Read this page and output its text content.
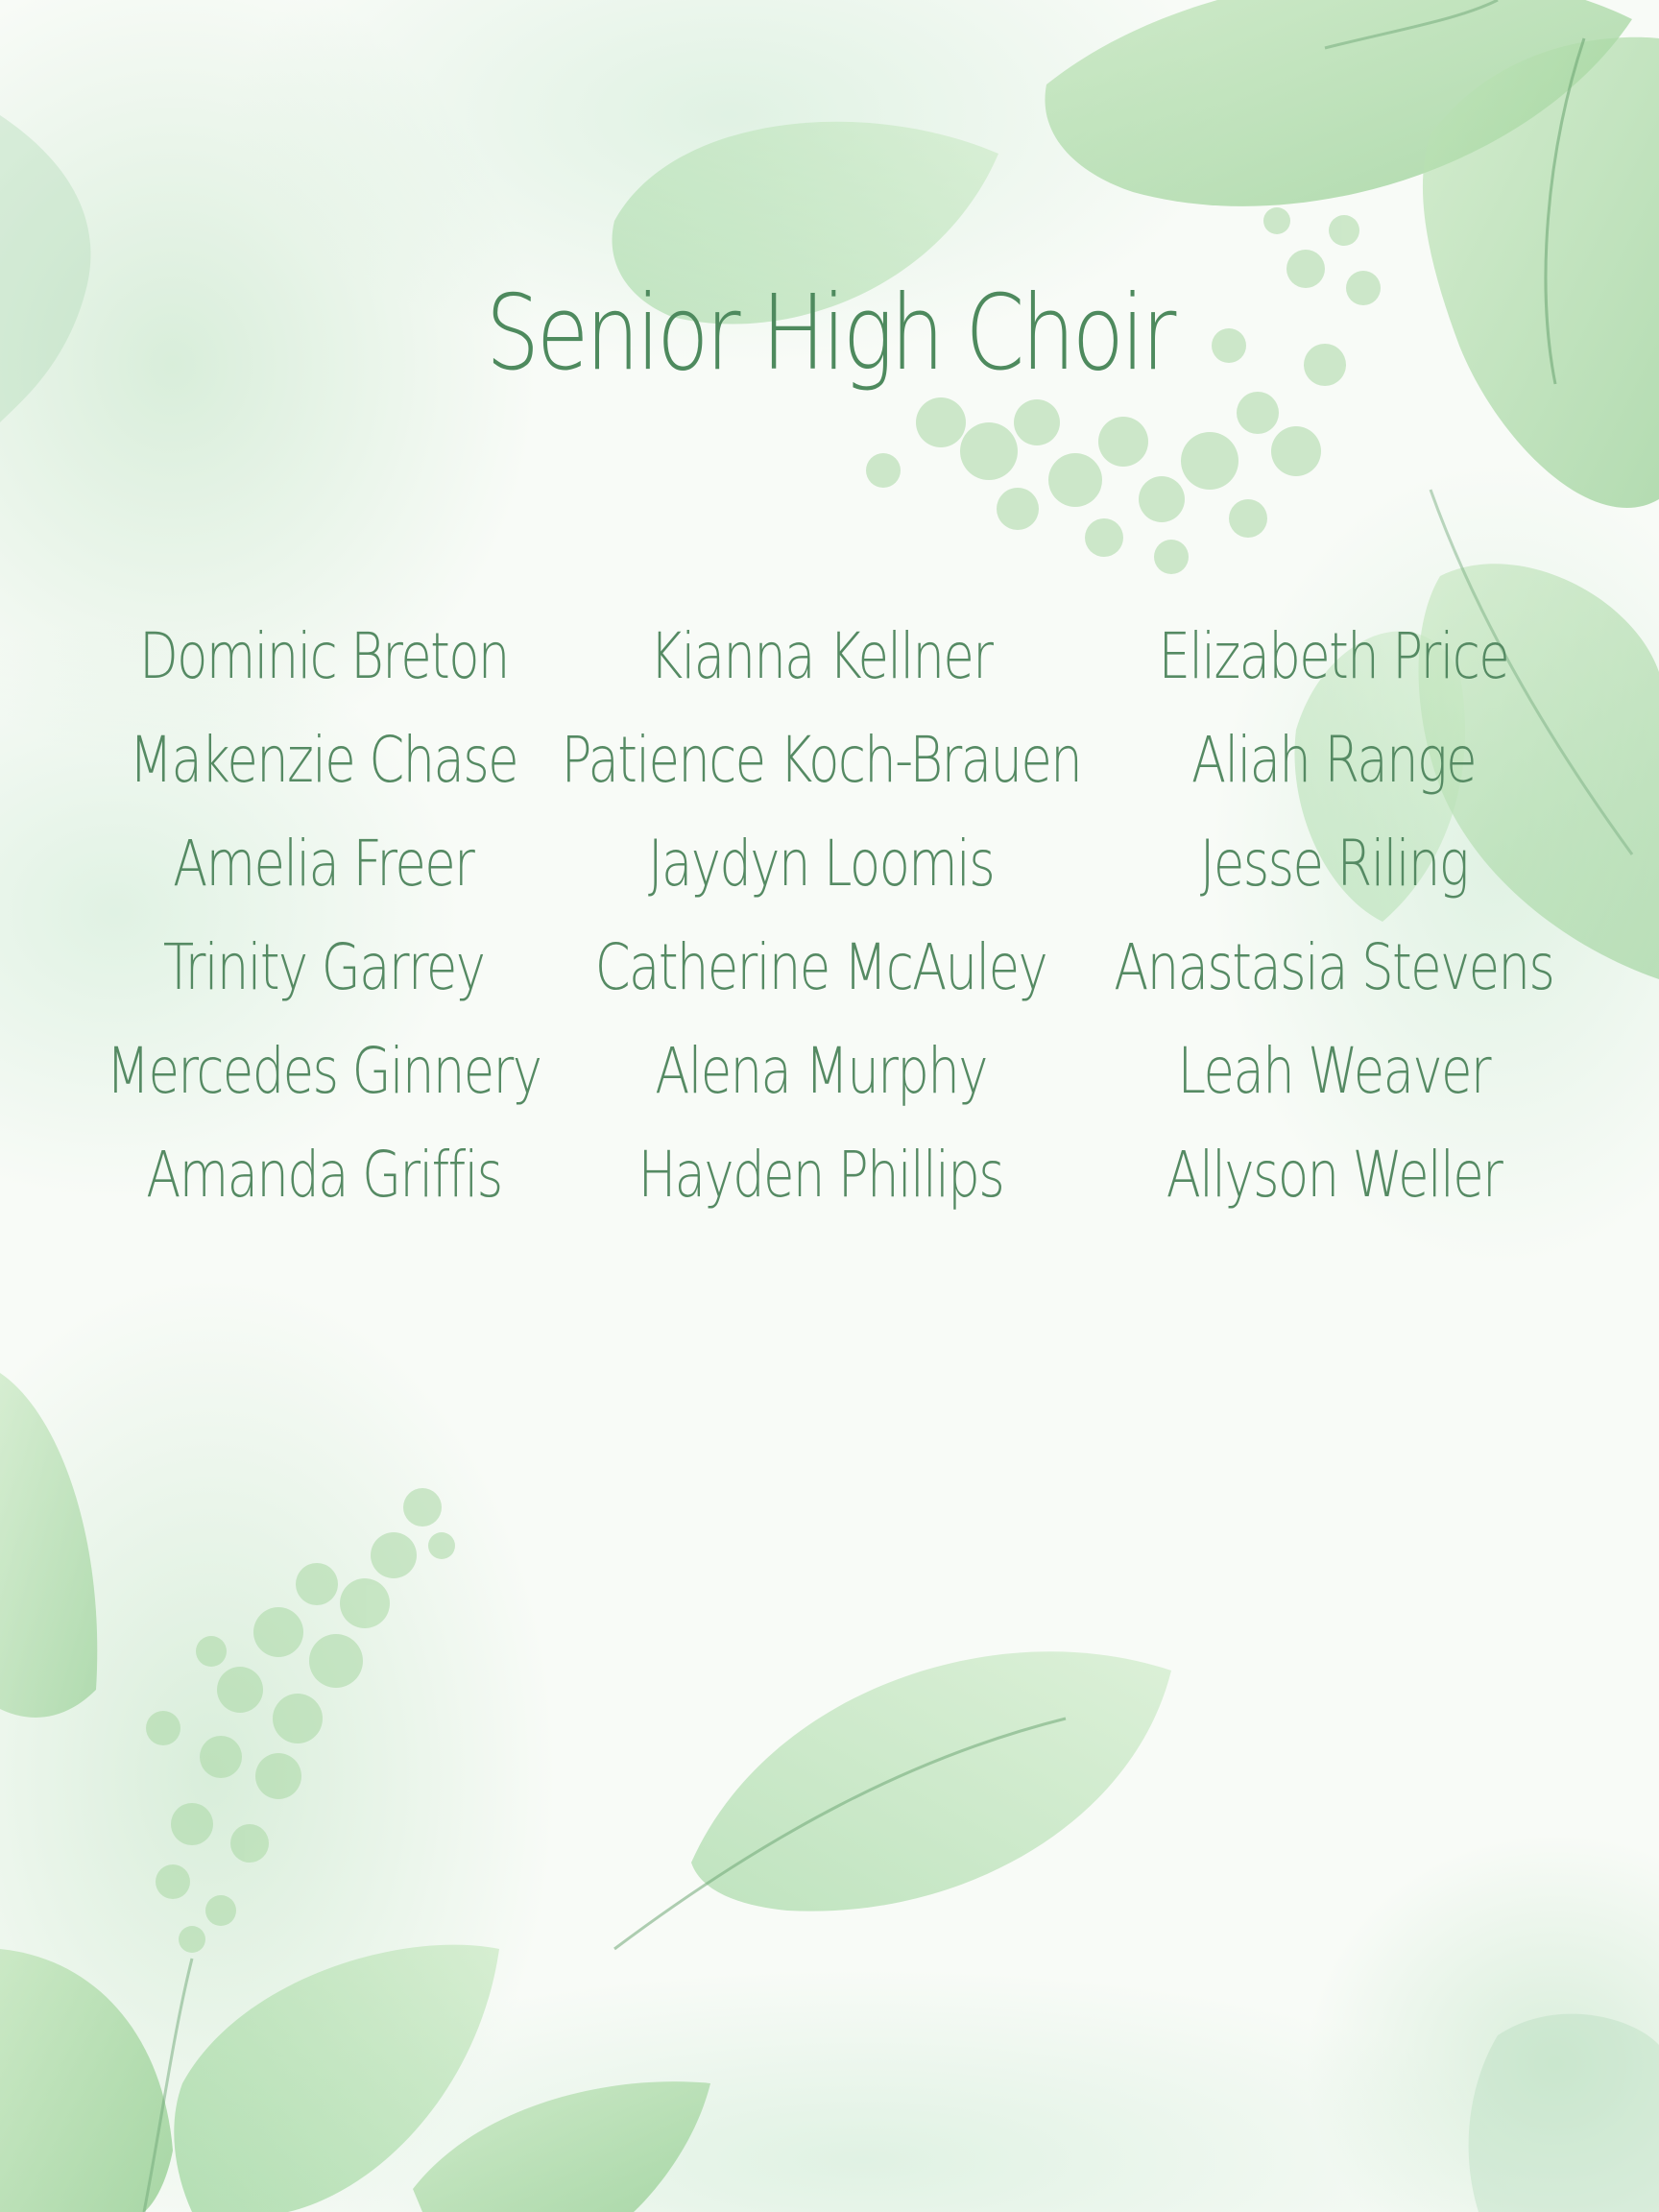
Senior High Choir
Dominic Breton
Makenzie Chase
Amelia Freer
Trinity Garrey
Mercedes Ginnery
Amanda Griffis
Kianna Kellner
Patience Koch-Brauen
Jaydyn Loomis
Catherine McAuley
Alena Murphy
Hayden Phillips
Elizabeth Price
Aliah Range
Jesse Riling
Anastasia Stevens
Leah Weaver
Allyson Weller
